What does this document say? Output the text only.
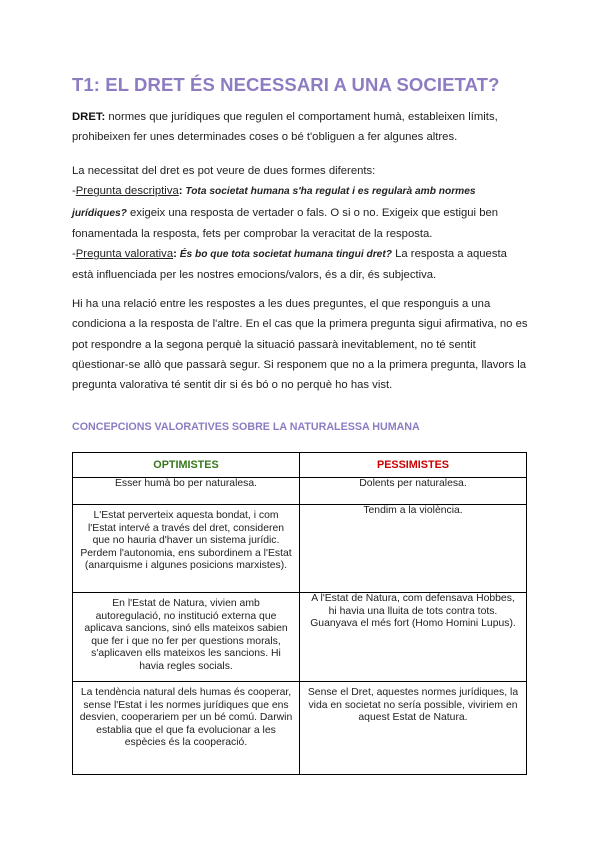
T1: EL DRET ÉS NECESSARI A UNA SOCIETAT?
DRET: normes que jurídiques que regulen el comportament humà, estableixen límits, prohibeixen fer unes determinades coses o bé t'obliguen a fer algunes altres.
La necessitat del dret es pot veure de dues formes diferents:
-Pregunta descriptiva: Tota societat humana s'ha regulat i es regularà amb normes jurídiques? exigeix una resposta de vertader o fals. O si o no. Exigeix que estigui ben fonamentada la resposta, fets per comprobar la veracitat de la resposta.
-Pregunta valorativa: És bo que tota societat humana tingui dret? La resposta a aquesta està influenciada per les nostres emocions/valors, és a dir, és subjectiva.
Hi ha una relació entre les respostes a les dues preguntes, el que responguis a una condiciona a la resposta de l'altre. En el cas que la primera pregunta sigui afirmativa, no es pot respondre a la segona perquè la situació passarà inevitablement, no té sentit qüestionar-se allò que passarà segur. Si responem que no a la primera pregunta, llavors la pregunta valorativa té sentit dir si és bó o no perquè ho has vist.
CONCEPCIONS VALORATIVES SOBRE LA NATURALESSA HUMANA
OPTIMISTES	PESSIMISTES
Ésser humà bo per naturalesa.	Dolents per naturalesa.
L'Estat perverteix aquesta bondat, i com l'Estat intervé a través del dret, consideren que no hauria d'haver un sistema jurídic. Perdem l'autonomia, ens subordinem a l'Estat (anarquisme i algunes posicions marxistes).	Tendim a la violència.
En l'Estat de Natura, vivien amb autoregulació, no institució externa que aplicava sancions, sinó ells mateixos sabien que fer i que no fer per questions morals, s'aplicaven ells mateixos les sancions. Hi havia regles socials.	A l'Estat de Natura, com defensava Hobbes, hi havia una lluita de tots contra tots. Guanyava el més fort (Homo Homini Lupus).
La tendència natural dels humas és cooperar, sense l'Estat i les normes jurídiques que ens desvien, cooperariem per un bé comú. Darwin establia que el que fa evolucionar a les espècies és la cooperació.	Sense el Dret, aquestes normes jurídiques, la vida en societat no sería possible, viviriem en aquest Estat de Natura.
